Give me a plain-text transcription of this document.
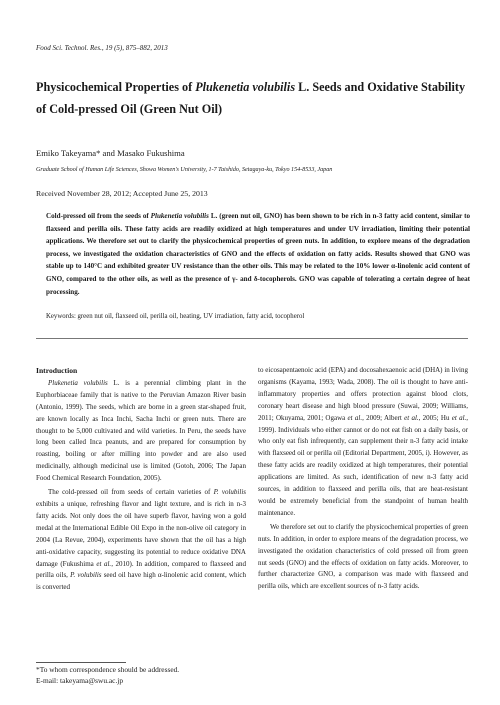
Food Sci. Technol. Res., 19 (5), 875–882, 2013
Physicochemical Properties of Plukenetia volubilis L. Seeds and Oxidative Stability
of Cold-pressed Oil (Green Nut Oil)
Emiko Takeyama* and Masako Fukushima
Graduate School of Human Life Sciences, Showa Women's University, 1-7 Taishido, Setagaya-ku, Tokyo 154-8533, Japan
Received November 28, 2012; Accepted June 25, 2013
Cold-pressed oil from the seeds of Plukenetia volubilis L. (green nut oil, GNO) has been shown to be rich in n-3 fatty acid content, similar to flaxseed and perilla oils. These fatty acids are readily oxidized at high temperatures and under UV irradiation, limiting their potential applications. We therefore set out to clarify the physicochemical properties of green nuts. In addition, to explore means of the degradation process, we investigated the oxidation characteristics of GNO and the effects of oxidation on fatty acids. Results showed that GNO was stable up to 140°C and exhibited greater UV resistance than the other oils. This may be related to the 10% lower α-linolenic acid content of GNO, compared to the other oils, as well as the presence of γ- and δ-tocopherols. GNO was capable of tolerating a certain degree of heat processing.
Keywords: green nut oil, flaxseed oil, perilla oil, heating, UV irradiation, fatty acid, tocopherol
Introduction

Plukenetia volubilis L. is a perennial climbing plant in the Euphorbiaceae family that is native to the Peruvian Amazon River basin (Antonio, 1999). The seeds, which are borne in a green star-shaped fruit, are known locally as Inca Inchi, Sacha Inchi or green nuts. There are thought to be 5,000 cultivated and wild varieties. In Peru, the seeds have long been called Inca peanuts, and are prepared for consumption by roasting, boiling or after milling into powder and are also used medicinally, although medicinal use is limited (Gotoh, 2006; The Japan Food Chemical Research Foundation, 2005).

The cold-pressed oil from seeds of certain varieties of P. volubilis exhibits a unique, refreshing flavor and light texture, and is rich in n-3 fatty acids. Not only does the oil have superb flavor, having won a gold medal at the International Edible Oil Expo in the non-olive oil category in 2004 (La Revue, 2004), experiments have shown that the oil has a high anti-oxidative capacity, suggesting its potential to reduce oxidative DNA damage (Fukushima et al., 2010). In addition, compared to flaxseed and perilla oils, P. volubilis seed oil have high α-linolenic acid content, which is converted

to eicosapentaenoic acid (EPA) and docosahexaenoic acid (DHA) in living organisms (Kayama, 1993; Wada, 2008). The oil is thought to have anti-inflammatory properties and offers protection against blood clots, coronary heart disease and high blood pressure (Suwai, 2009; Williams, 2011; Okuyama, 2001; Ogawa et al., 2009; Albert et al., 2005; Hu et al., 1999). Individuals who either cannot or do not eat fish on a daily basis, or who only eat fish infrequently, can supplement their n-3 fatty acid intake with flaxseed oil or perilla oil (Editorial Department, 2005, i). However, as these fatty acids are readily oxidized at high temperatures, their potential applications are limited. As such, identification of new n-3 fatty acid sources, in addition to flaxseed and perilla oils, that are heat-resistant would be extremely beneficial from the standpoint of human health maintenance.

We therefore set out to clarify the physicochemical properties of green nuts. In addition, in order to explore means of the degradation process, we investigated the oxidation characteristics of cold pressed oil from green nut seeds (GNO) and the effects of oxidation on fatty acids. Moreover, to further characterize GNO, a comparison was made with flaxseed and perilla oils, which are excellent sources of n-3 fatty acids.

*To whom correspondence should be addressed.
E-mail: takeyama@swu.ac.jp
